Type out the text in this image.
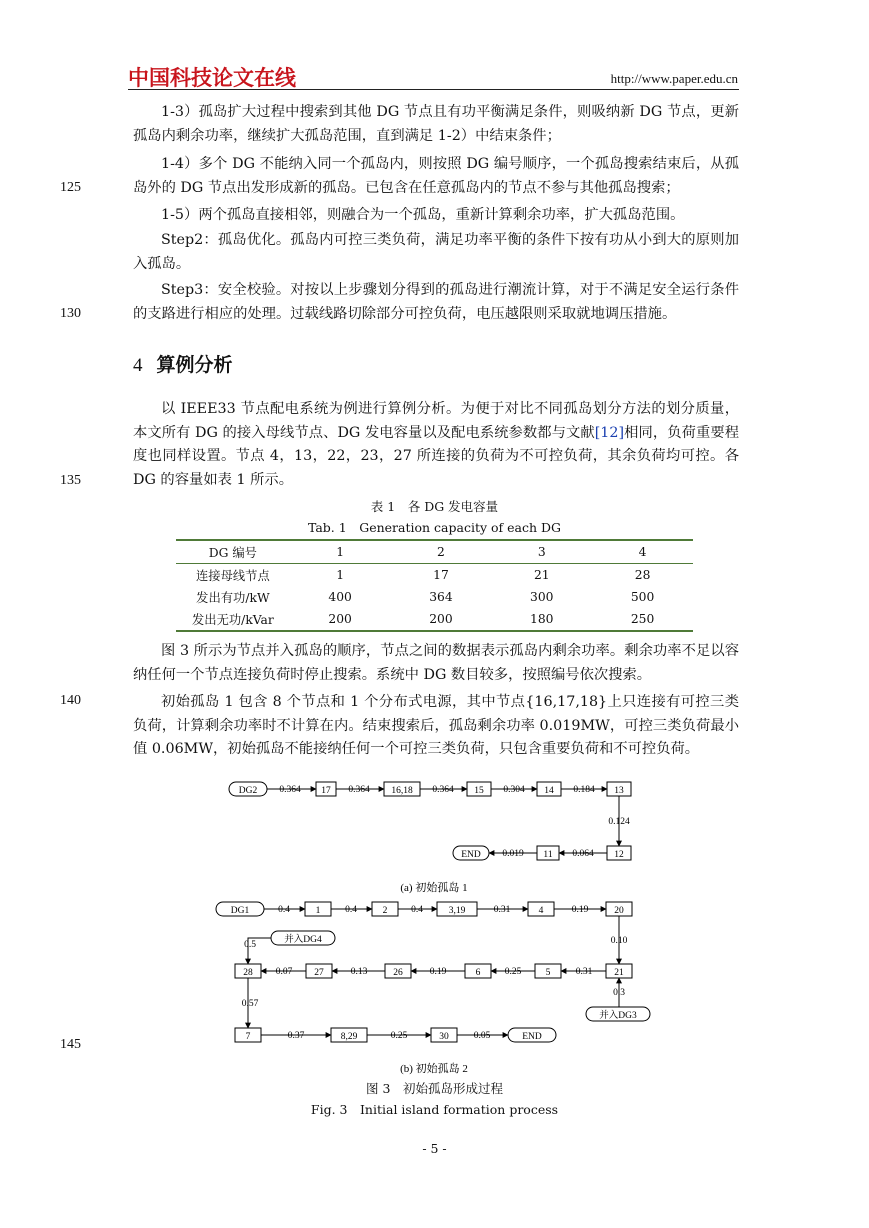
中国科技论文在线	http://www.paper.edu.cn
1-3）孤岛扩大过程中搜索到其他 DG 节点且有功平衡满足条件，则吸纳新 DG 节点，更新孤岛内剩余功率，继续扩大孤岛范围，直到满足 1-2）中结束条件；
1-4）多个 DG 不能纳入同一个孤岛内，则按照 DG 编号顺序，一个孤岛搜索结束后，从孤岛外的 DG 节点出发形成新的孤岛。已包含在任意孤岛内的节点不参与其他孤岛搜索；
1-5）两个孤岛直接相邻，则融合为一个孤岛，重新计算剩余功率，扩大孤岛范围。
Step2：孤岛优化。孤岛内可控三类负荷，满足功率平衡的条件下按有功从小到大的原则加入孤岛。
Step3：安全校验。对按以上步骤划分得到的孤岛进行潮流计算，对于不满足安全运行条件的支路进行相应的处理。过载线路切除部分可控负荷，电压越限则采取就地调压措施。
125
130
4 算例分析
以 IEEE33 节点配电系统为例进行算例分析。为便于对比不同孤岛划分方法的划分质量，本文所有 DG 的接入母线节点、DG 发电容量以及配电系统参数都与文献[12]相同，负荷重要程度也同样设置。节点 4，13，22，23，27 所连接的负荷为不可控负荷，其余负荷均可控。各 DG 的容量如表 1 所示。
135
表 1　各 DG 发电容量
Tab. 1　Generation capacity of each DG
DG 编号	1	2	3	4
连接母线节点	1	17	21	28
发出有功/kW	400	364	300	500
发出无功/kVar	200	200	180	250
图 3 所示为节点并入孤岛的顺序，节点之间的数据表示孤岛内剩余功率。剩余功率不足以容纳任何一个节点连接负荷时停止搜索。系统中 DG 数目较多，按照编号依次搜索。
初始孤岛 1 包含 8 个节点和 1 个分布式电源，其中节点{16,17,18}上只连接有可控三类负荷，计算剩余功率时不计算在内。结束搜索后，孤岛剩余功率 0.019MW，可控三类负荷最小值 0.06MW，初始孤岛不能接纳任何一个可控三类负荷，只包含重要负荷和不可控负荷。
140
DG2	17	16,18	15	14	13
0.364	0.364	0.364	0.304	0.184
0.124
12
11
END	0.064
0.019
(a) 初始孤岛 1
DG1	1	2	3,19	4	20
0.4	0.4	0.4	0.31	0.19
0.10
21
5
6
26
27
28	0.31
0.25
0.19
0.13
0.07
0.3
并入DG3
并入DG4
0.5
0.57
7	8,29	30	END
0.37	0.25	0.05
(b) 初始孤岛 2
145
图 3　初始孤岛形成过程
Fig. 3　Initial island formation process
- 5 -
